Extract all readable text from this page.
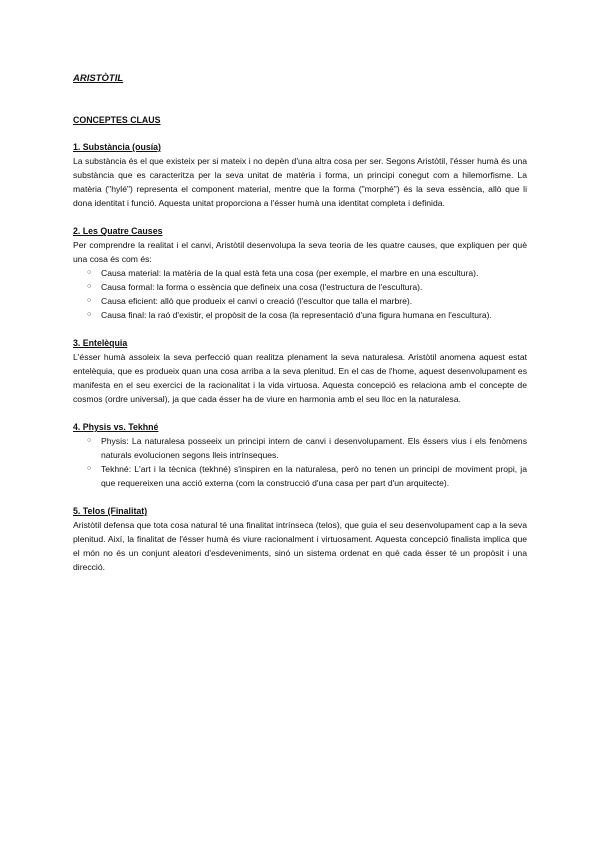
ARISTÒTIL
CONCEPTES CLAUS
1. Substància (ousía)

La substància és el que existeix per si mateix i no depèn d'una altra cosa per ser. Segons Aristòtil, l'ésser humà és una substància que es caracteritza per la seva unitat de matèria i forma, un principi conegut com a hilemorfisme. La matèria ("hylé") representa el component material, mentre que la forma ("morphé") és la seva essència, allò que li dona identitat i funció. Aquesta unitat proporciona a l'ésser humà una identitat completa i definida.

2. Les Quatre Causes

Per comprendre la realitat i el canvi, Aristòtil desenvolupa la seva teoria de les quatre causes, que expliquen per què una cosa és com és:

○ Causa material: la matèria de la qual està feta una cosa (per exemple, el marbre en una escultura).
○ Causa formal: la forma o essència que defineix una cosa (l'estructura de l'escultura).
○ Causa eficient: allò que produeix el canvi o creació (l'escultor que talla el marbre).
○ Causa final: la raó d'existir, el propòsit de la cosa (la representació d'una figura humana en l'escultura).
3. Entelèquia

L'ésser humà assoleix la seva perfecció quan realitza plenament la seva naturalesa. Aristòtil anomena aquest estat entelèquia, que es produeix quan una cosa arriba a la seva plenitud. En el cas de l'home, aquest desenvolupament es manifesta en el seu exercici de la racionalitat i la vida virtuosa. Aquesta concepció es relaciona amb el concepte de cosmos (ordre universal), ja que cada ésser ha de viure en harmonia amb el seu lloc en la naturalesa.

4. Physis vs. Tekhné
○ Physis: La naturalesa posseeix un principi intern de canvi i desenvolupament. Els éssers vius i els fenòmens naturals evolucionen segons lleis intrínseques.
○ Tekhné: L'art i la tècnica (tekhné) s'inspiren en la naturalesa, però no tenen un principi de moviment propi, ja que requereixen una acció externa (com la construcció d'una casa per part d'un arquitecte).
5. Telos (Finalitat)

Aristòtil defensa que tota cosa natural té una finalitat intrínseca (telos), que guia el seu desenvolupament cap a la seva plenitud. Així, la finalitat de l'ésser humà és viure racionalment i virtuosament. Aquesta concepció finalista implica que el món no és un conjunt aleatori d'esdeveniments, sinó un sistema ordenat en què cada ésser té un propòsit i una direcció.
